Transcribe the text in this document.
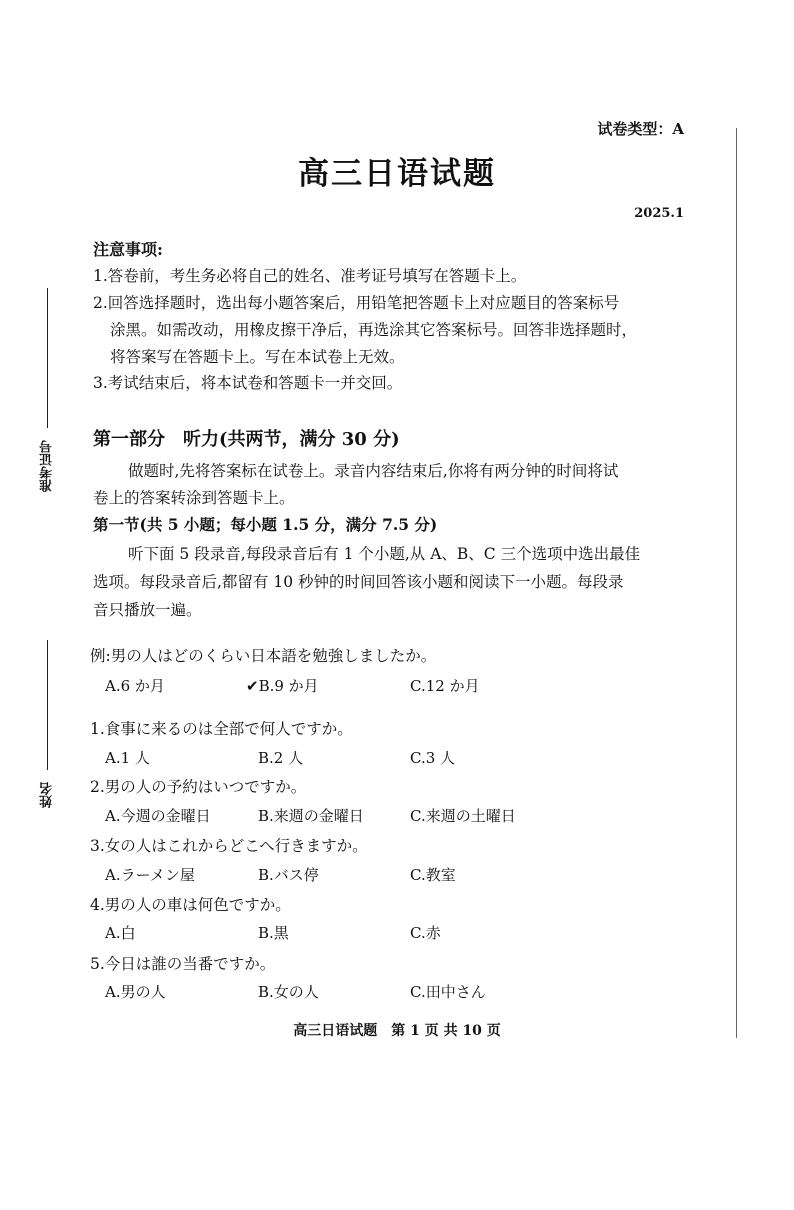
准考证号
姓名
试卷类型：A
高三日语试题
2025.1
注意事项:
1.答卷前，考生务必将自己的姓名、准考证号填写在答题卡上。
2.回答选择题时，选出每小题答案后，用铅笔把答题卡上对应题目的答案标号
涂黑。如需改动，用橡皮擦干净后，再选涂其它答案标号。回答非选择题时，
将答案写在答题卡上。写在本试卷上无效。
3.考试结束后，将本试卷和答题卡一并交回。
第一部分　听力(共两节，满分 30 分)
做题时,先将答案标在试卷上。录音内容结束后,你将有两分钟的时间将试
卷上的答案转涂到答题卡上。
第一节(共 5 小题；每小题 1.5 分，满分 7.5 分)
听下面 5 段录音,每段录音后有 1 个小题,从 A、B、C 三个选项中选出最佳
选项。每段录音后,都留有 10 秒钟的时间回答该小题和阅读下一小题。每段录
音只播放一遍。
例:男の人はどのくらい日本語を勉強しましたか。
A.6 か月	✔B.9 か月	C.12 か月
1.食事に来るのは全部で何人ですか。
A.1 人	B.2 人	C.3 人
2.男の人の予約はいつですか。
A.今週の金曜日	B.来週の金曜日	C.来週の土曜日
3.女の人はこれからどこへ行きますか。
A.ラーメン屋	B.バス停	C.教室
4.男の人の車は何色ですか。
A.白	B.黒	C.赤
5.今日は誰の当番ですか。
A.男の人	B.女の人	C.田中さん
高三日语试题　第 1 页 共 10 页
